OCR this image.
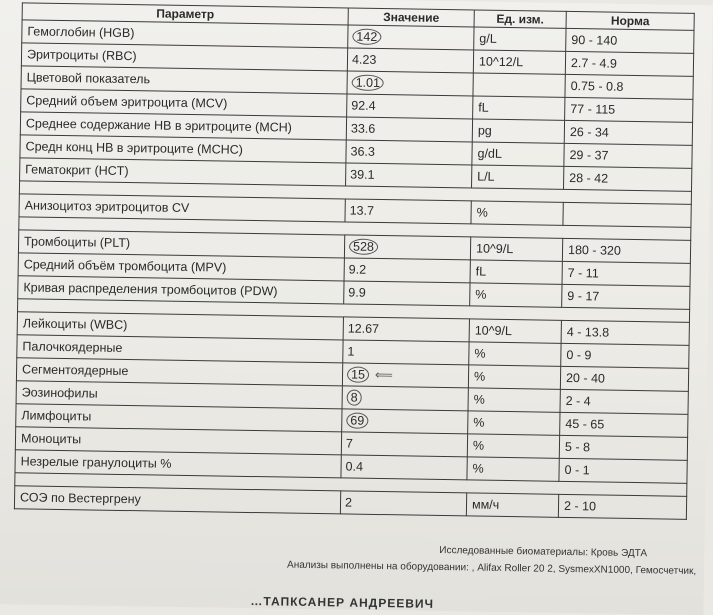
Параметр	Значение	Ед. изм.	Норма
Гемоглобин (HGB)	142	g/L	90 - 140
Эритроциты (RBC)	4.23	10^12/L	2.7 - 4.9
Цветовой показатель	1.01		0.75 - 0.8
Средний объем эритроцита (MCV)	92.4	fL	77 - 115
Среднее содержание НВ в эритроците (MCH)	33.6	pg	26 - 34
Средн конц НВ в эритроците (MCHC)	36.3	g/dL	29 - 37
Гематокрит (HCT)	39.1	L/L	28 - 42

Анизоцитоз эритроцитов CV	13.7	%	

Тромбоциты (PLT)	528	10^9/L	180 - 320
Средний объём тромбоцита (MPV)	9.2	fL	7 - 11
Кривая распределения тромбоцитов (PDW)	9.9	%	9 - 17

Лейкоциты (WBC)	12.67	10^9/L	4 - 13.8
Палочкоядерные	1	%	0 - 9
Сегментоядерные	15 ⟸	%	20 - 40
Эозинофилы	8	%	2 - 4
Лимфоциты	69	%	45 - 65
Моноциты	7	%	5 - 8
Незрелые гранулоциты %	0.4	%	0 - 1

СОЭ по Вестергрену	2	мм/ч	2 - 10
Исследованные биоматериалы: Кровь ЭДТА
Анализы выполнены на оборудовании: , Alifax Roller 20 2, SysmexXN1000, Гемосчетчик,
…ТАПКСАНЕР АНДРЕЕВИЧ
